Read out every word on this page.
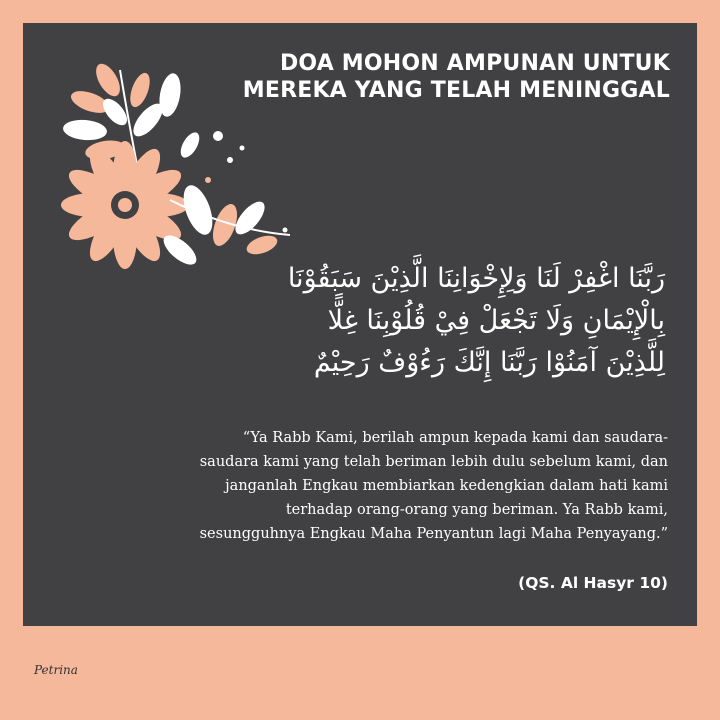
DOA MOHON AMPUNAN UNTUK
MEREKA YANG TELAH MENINGGAL
رَبَّنَا اغْفِرْ لَنَا وَلِإِخْوَانِنَا الَّذِيْنَ سَبَقُوْنَا
بِالْإِيْمَانِ وَلَا تَجْعَلْ فِيْ قُلُوْبِنَا غِلًّا
لِلَّذِيْنَ آمَنُوْا رَبَّنَا إِنَّكَ رَءُوْفٌ رَحِيْمٌ
“Ya Rabb Kami, berilah ampun kepada kami dan saudara-
saudara kami yang telah beriman lebih dulu sebelum kami, dan
janganlah Engkau membiarkan kedengkian dalam hati kami
terhadap orang-orang yang beriman. Ya Rabb kami,
sesungguhnya Engkau Maha Penyantun lagi Maha Penyayang.”
(QS. Al Hasyr 10)
Petrina
